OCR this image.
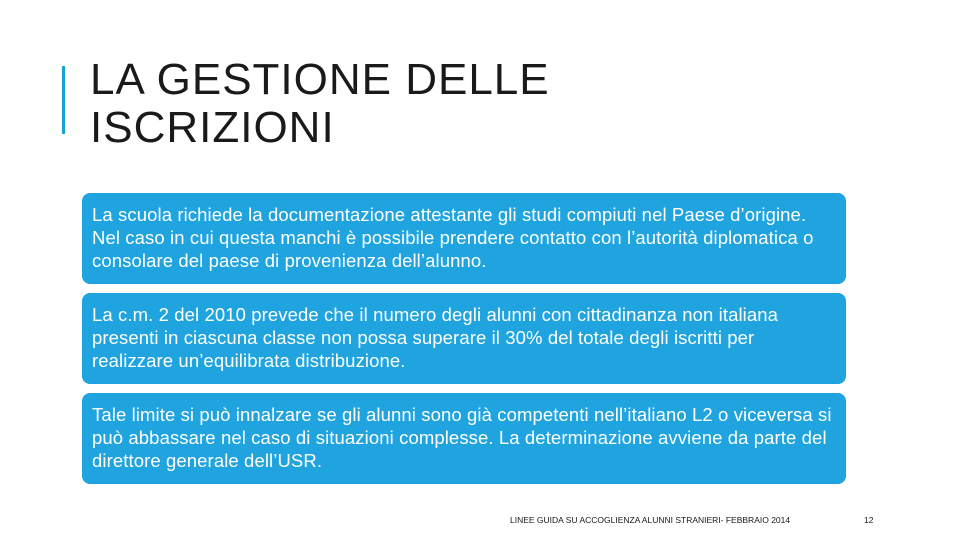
LA GESTIONE DELLE
ISCRIZIONI
La scuola richiede la documentazione attestante gli studi compiuti nel Paese d’origine. Nel caso in cui questa manchi è possibile prendere contatto con l’autorità diplomatica o consolare del paese di provenienza dell’alunno.
La c.m. 2 del 2010 prevede che il numero degli alunni con cittadinanza non italiana presenti in ciascuna classe non possa superare il 30% del totale degli iscritti per realizzare un’equilibrata distribuzione.
Tale limite si può innalzare se gli alunni sono già competenti nell’italiano L2 o viceversa si può abbassare nel caso di situazioni complesse. La determinazione avviene da parte del direttore generale dell’USR.
LINEE GUIDA SU ACCOGLIENZA ALUNNI STRANIERI- FEBBRAIO 2014	12
